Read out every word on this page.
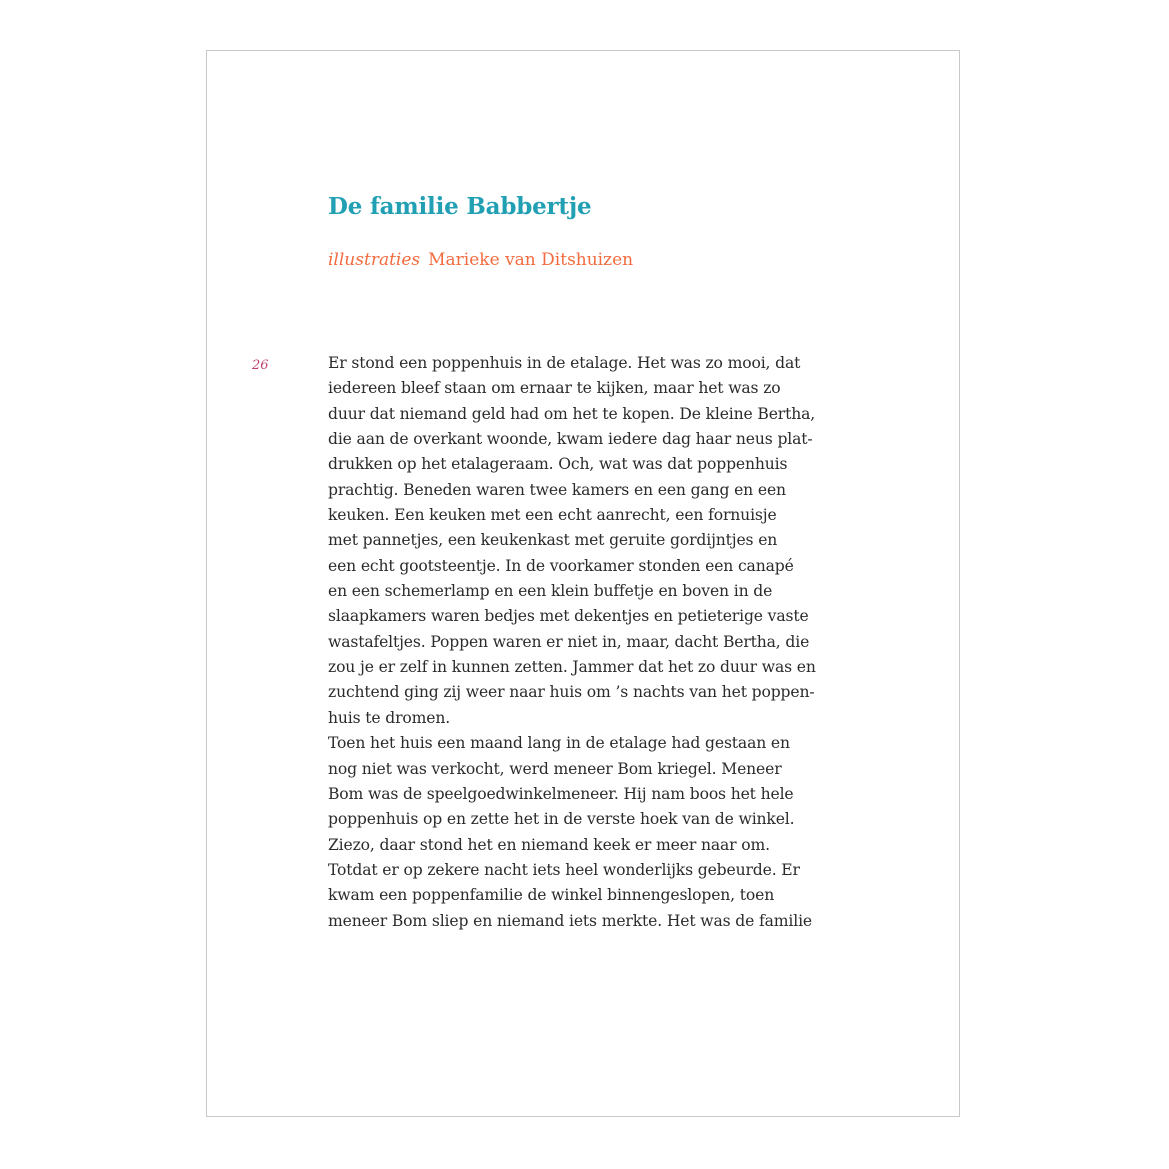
De familie Babbertje
illustraties Marieke van Ditshuizen
26	Er stond een poppenhuis in de etalage. Het was zo mooi, dat
iedereen bleef staan om ernaar te kijken, maar het was zo
duur dat niemand geld had om het te kopen. De kleine Bertha,
die aan de overkant woonde, kwam iedere dag haar neus plat-
drukken op het etalageraam. Och, wat was dat poppenhuis
prachtig. Beneden waren twee kamers en een gang en een
keuken. Een keuken met een echt aanrecht, een fornuisje
met pannetjes, een keukenkast met geruite gordijntjes en
een echt gootsteentje. In de voorkamer stonden een canapé
en een schemerlamp en een klein buffetje en boven in de
slaapkamers waren bedjes met dekentjes en petieterige vaste
wastafeltjes. Poppen waren er niet in, maar, dacht Bertha, die
zou je er zelf in kunnen zetten. Jammer dat het zo duur was en
zuchtend ging zij weer naar huis om ’s nachts van het poppen-
huis te dromen.
Toen het huis een maand lang in de etalage had gestaan en
nog niet was verkocht, werd meneer Bom kriegel. Meneer
Bom was de speelgoedwinkelmeneer. Hij nam boos het hele
poppenhuis op en zette het in de verste hoek van de winkel.
Ziezo, daar stond het en niemand keek er meer naar om.
Totdat er op zekere nacht iets heel wonderlijks gebeurde. Er
kwam een poppenfamilie de winkel binnengeslopen, toen
meneer Bom sliep en niemand iets merkte. Het was de familie
